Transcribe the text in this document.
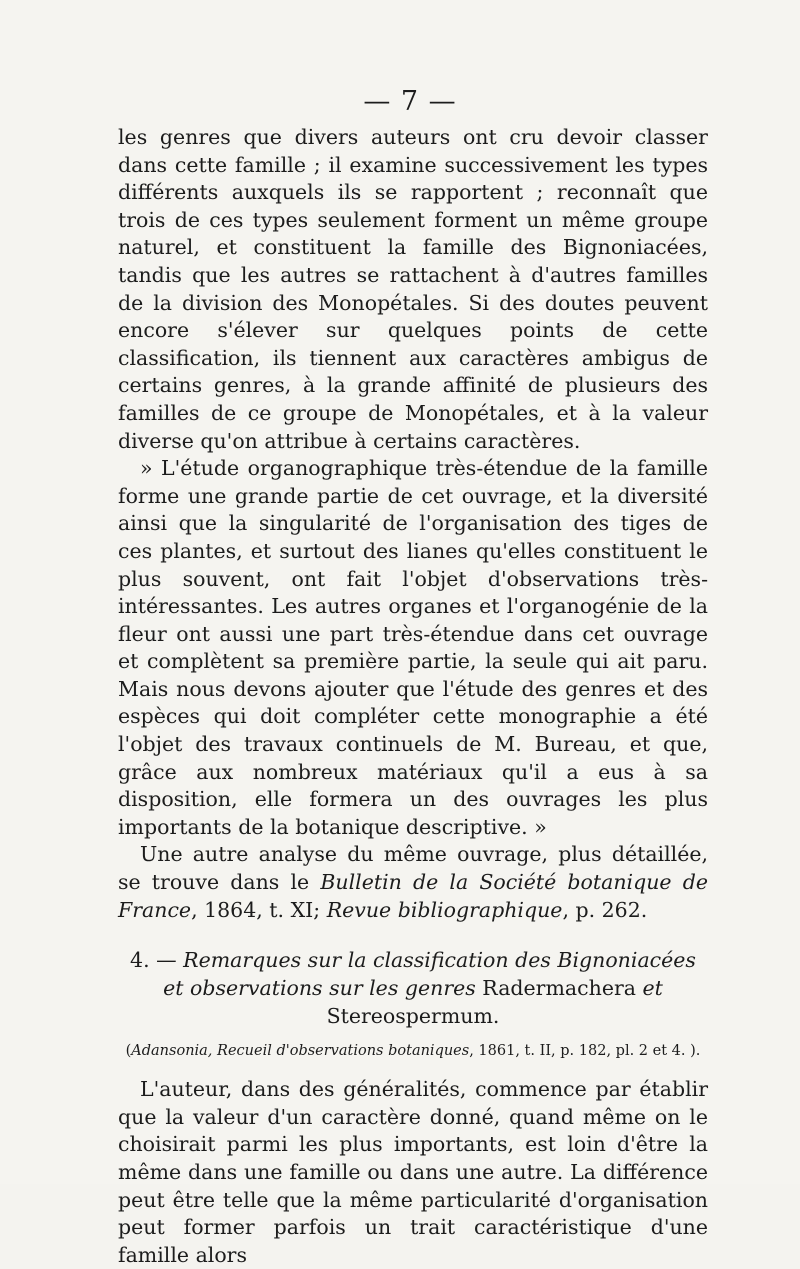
— 7 —

les genres que divers auteurs ont cru devoir classer dans cette famille ; il examine successivement les types différents auxquels ils se rapportent ; reconnaît que trois de ces types seulement forment un même groupe naturel, et constituent la famille des Bignoniacées, tandis que les autres se rattachent à d'autres familles de la division des Monopétales. Si des doutes peuvent encore s'élever sur quelques points de cette classification, ils tiennent aux caractères ambigus de certains genres, à la grande affinité de plusieurs des familles de ce groupe de Monopétales, et à la valeur diverse qu'on attribue à certains caractères.

» L'étude organographique très-étendue de la famille forme une grande partie de cet ouvrage, et la diversité ainsi que la singularité de l'organisation des tiges de ces plantes, et surtout des lianes qu'elles constituent le plus souvent, ont fait l'objet d'observations très-intéressantes. Les autres organes et l'organogénie de la fleur ont aussi une part très-étendue dans cet ouvrage et complètent sa première partie, la seule qui ait paru. Mais nous devons ajouter que l'étude des genres et des espèces qui doit compléter cette monographie a été l'objet des travaux continuels de M. Bureau, et que, grâce aux nombreux matériaux qu'il a eus à sa disposition, elle formera un des ouvrages les plus importants de la botanique descriptive. »

Une autre analyse du même ouvrage, plus détaillée, se trouve dans le Bulletin de la Société botanique de France, 1864, t. XI; Revue bibliographique, p. 262.

4. — Remarques sur la classification des Bignoniacées et observations sur les genres Radermachera et Stereospermum.

(Adansonia, Recueil d'observations botaniques, 1861, t. II, p. 182, pl. 2 et 4. ).

L'auteur, dans des généralités, commence par établir que la valeur d'un caractère donné, quand même on le choisirait parmi les plus importants, est loin d'être la même dans une famille ou dans une autre. La différence peut être telle que la même particularité d'organisation peut former parfois un trait caractéristique d'une famille alors
